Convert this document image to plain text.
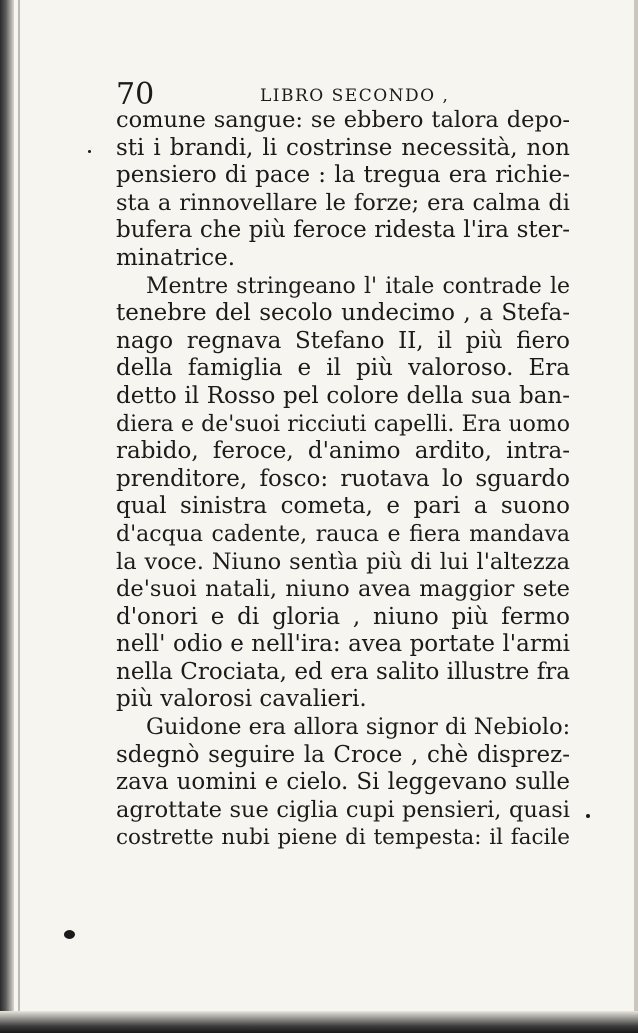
70	LIBRO SECONDO ,
comune sangue: se ebbero talora depo-
sti i brandi, li costrinse necessità, non
pensiero di pace : la tregua era richie-
sta a rinnovellare le forze; era calma di
bufera che più feroce ridesta l'ira ster-
minatrice.
Mentre stringeano l' itale contrade le
tenebre del secolo undecimo , a Stefa-
nago regnava Stefano II, il più fiero
della famiglia e il più valoroso. Era
detto il Rosso pel colore della sua ban-
diera e de'suoi ricciuti capelli. Era uomo
rabido, feroce, d'animo ardito, intra-
prenditore, fosco: ruotava lo sguardo
qual sinistra cometa, e pari a suono
d'acqua cadente, rauca e fiera mandava
la voce. Niuno sentìa più di lui l'altezza
de'suoi natali, niuno avea maggior sete
d'onori e di gloria , niuno più fermo
nell' odio e nell'ira: avea portate l'armi
nella Crociata, ed era salito illustre fra
più valorosi cavalieri.
Guidone era allora signor di Nebiolo:
sdegnò seguire la Croce , chè disprez-
zava uomini e cielo. Si leggevano sulle
agrottate sue ciglia cupi pensieri, quasi
costrette nubi piene di tempesta: il facile
